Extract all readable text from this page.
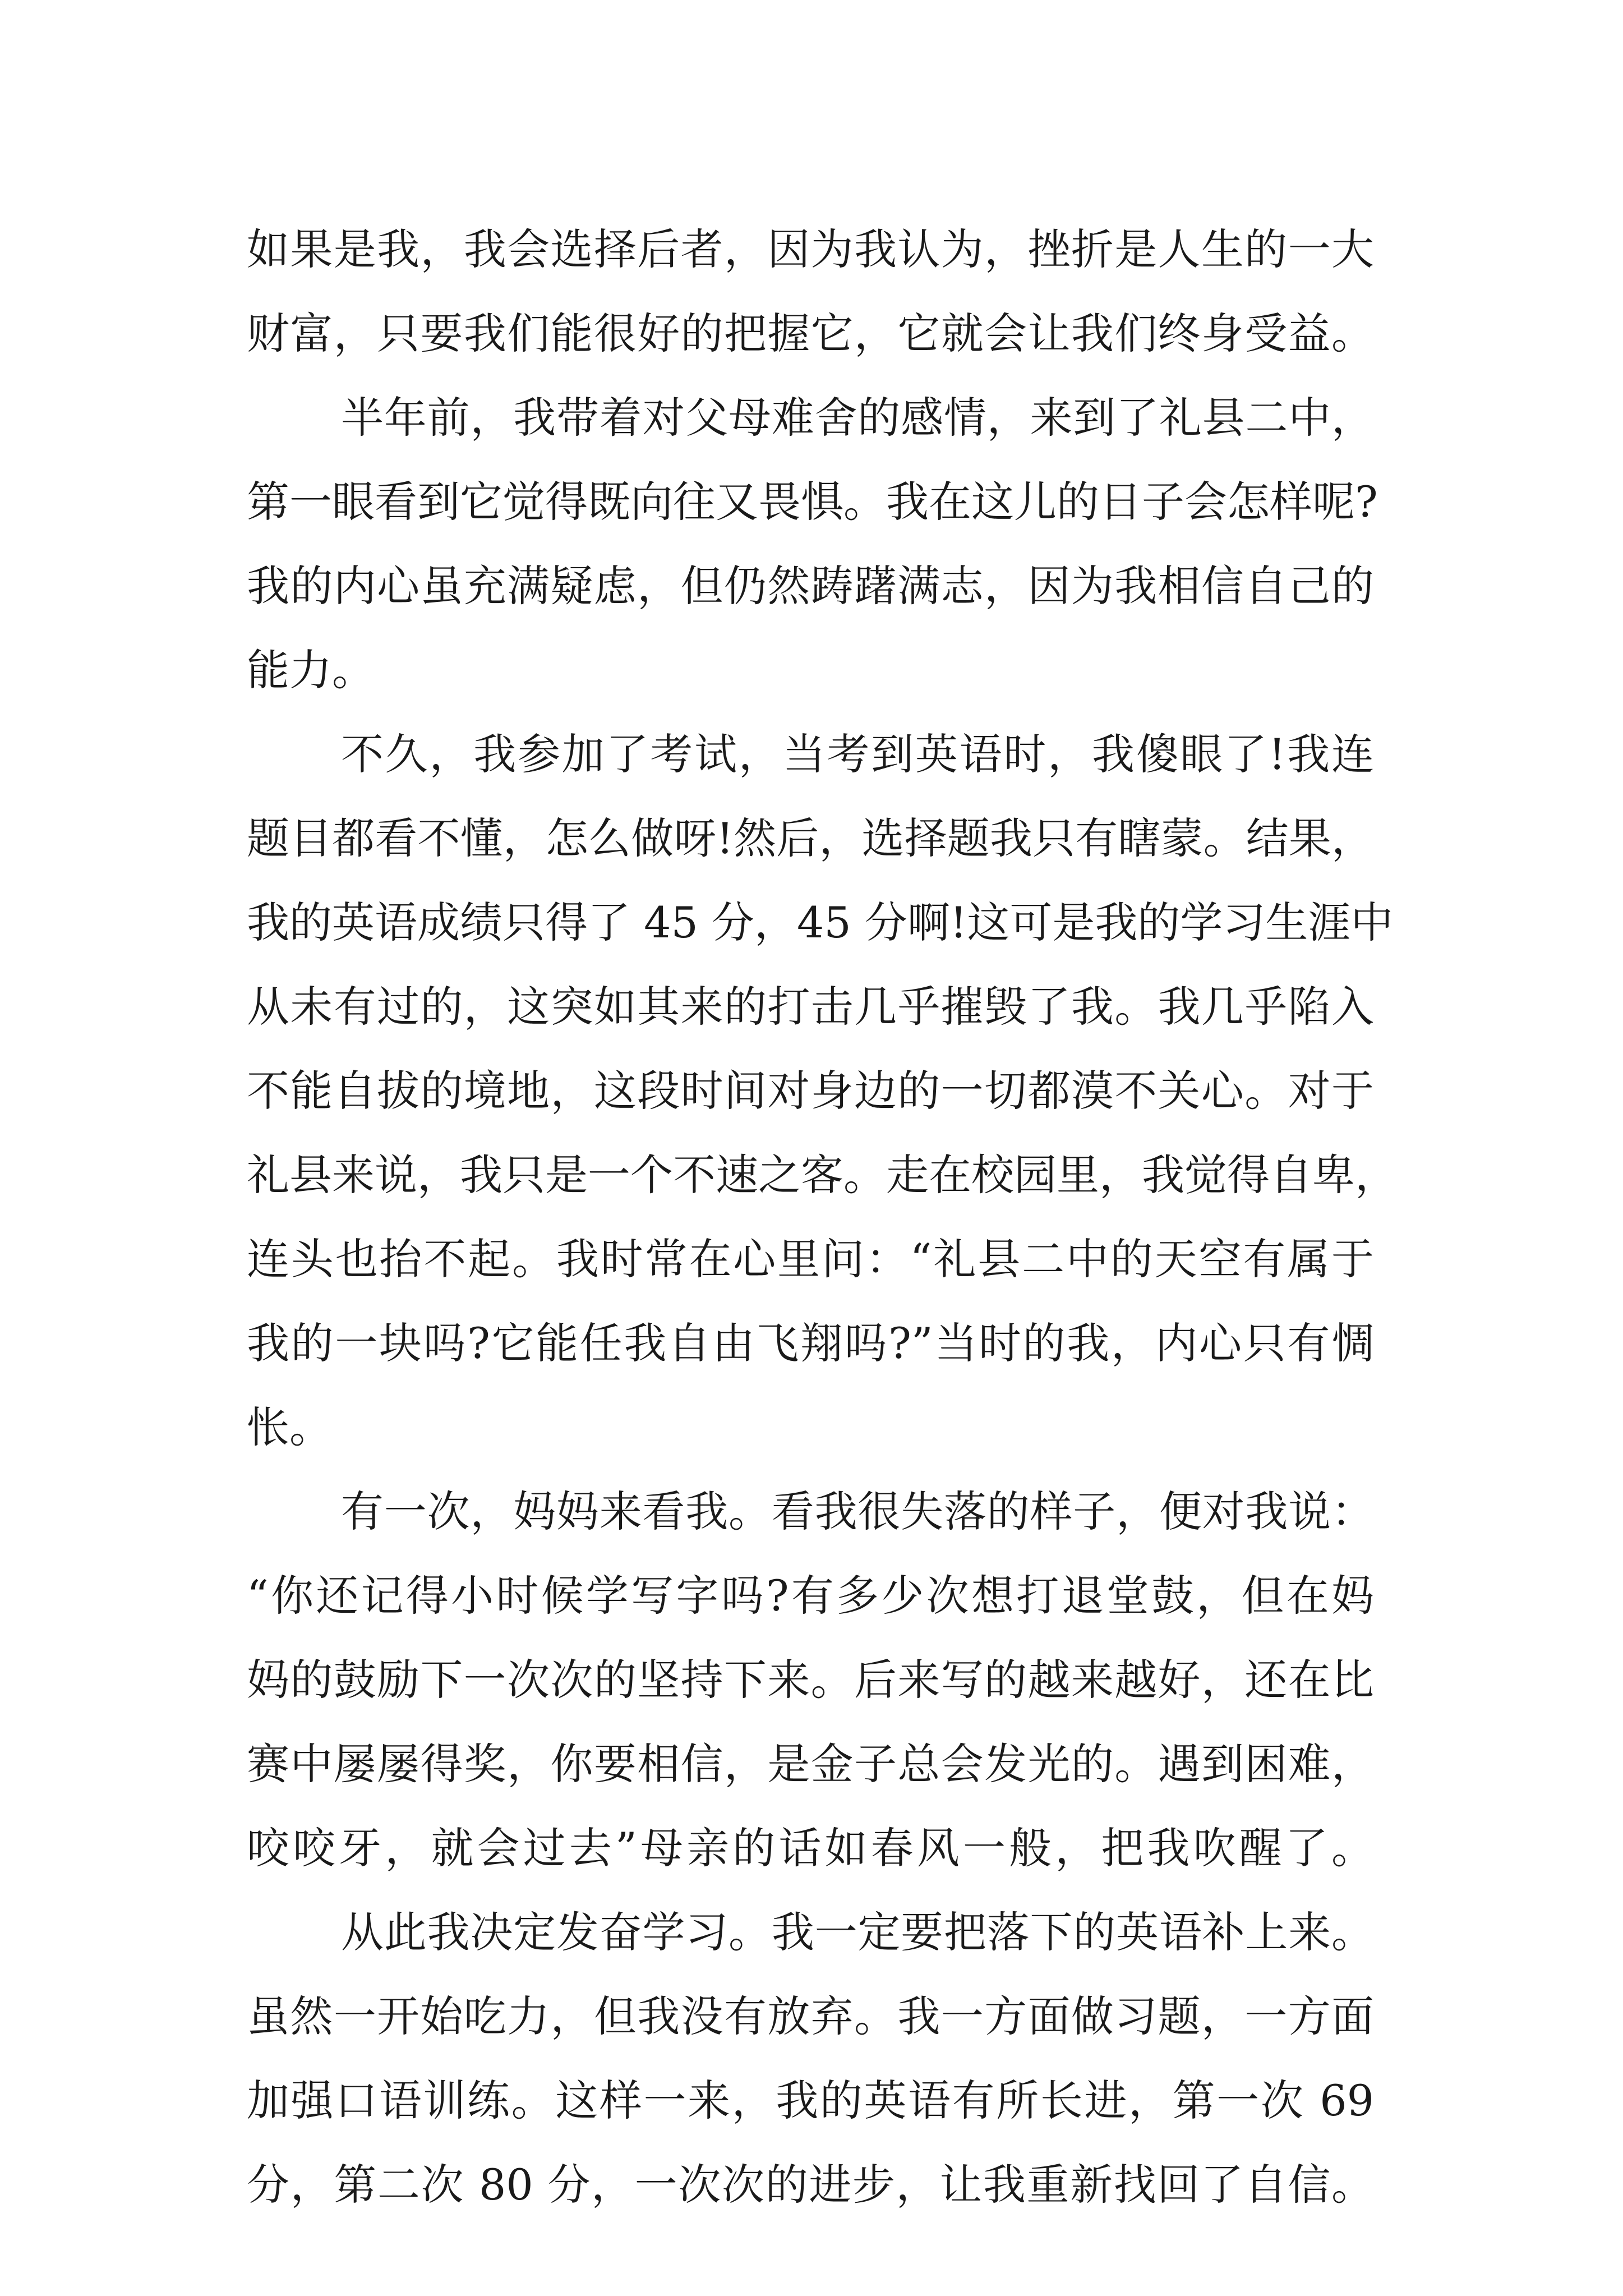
如果是我，我会选择后者，因为我认为，挫折是人生的一大
财富，只要我们能很好的把握它，它就会让我们终身受益。
半年前，我带着对父母难舍的感情，来到了礼县二中，
第一眼看到它觉得既向往又畏惧。我在这儿的日子会怎样呢?
我的内心虽充满疑虑，但仍然踌躇满志，因为我相信自己的
能力。
不久，我参加了考试，当考到英语时，我傻眼了!我连
题目都看不懂，怎么做呀!然后，选择题我只有瞎蒙。结果，
我的英语成绩只得了 45 分，45 分啊!这可是我的学习生涯中
从未有过的，这突如其来的打击几乎摧毁了我。我几乎陷入
不能自拔的境地，这段时间对身边的一切都漠不关心。对于
礼县来说，我只是一个不速之客。走在校园里，我觉得自卑，
连头也抬不起。我时常在心里问：“礼县二中的天空有属于
我的一块吗?它能任我自由飞翔吗?”当时的我，内心只有惆
怅。
有一次，妈妈来看我。看我很失落的样子，便对我说：
“你还记得小时候学写字吗?有多少次想打退堂鼓，但在妈
妈的鼓励下一次次的坚持下来。后来写的越来越好，还在比
赛中屡屡得奖，你要相信，是金子总会发光的。遇到困难，
咬咬牙，就会过去”母亲的话如春风一般，把我吹醒了。
从此我决定发奋学习。我一定要把落下的英语补上来。
虽然一开始吃力，但我没有放弃。我一方面做习题，一方面
加强口语训练。这样一来，我的英语有所长进，第一次 69
分，第二次 80 分，一次次的进步，让我重新找回了自信。
